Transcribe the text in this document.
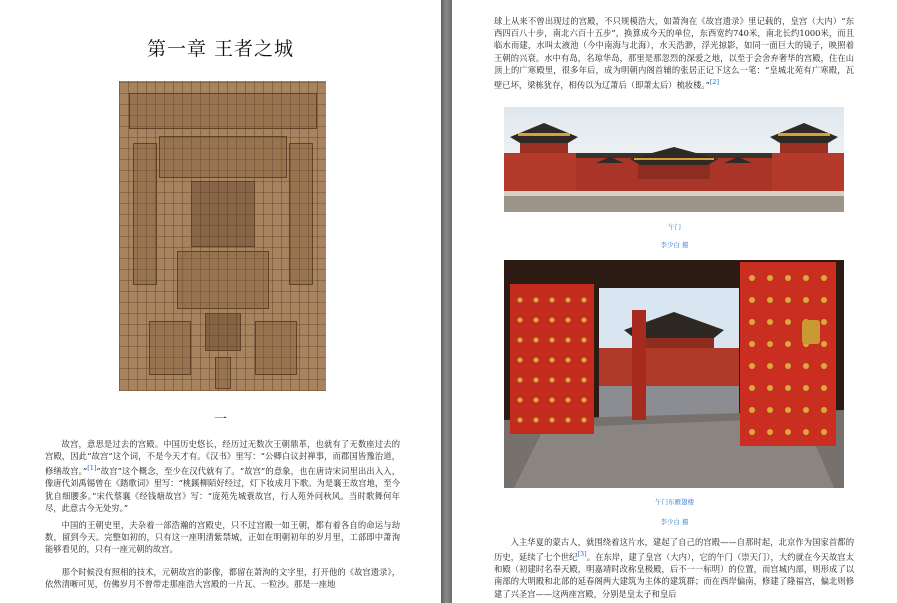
第一章 王者之城
一

故宫，意思是过去的宫殿。中国历史悠长，经历过无数次王朝鼎革，也就有了无数座过去的宫殿，因此“故宫”这个词，不是今天才有。《汉书》里写：“公卿白议封禅事，而郡国皆豫治道，修缮故宫。”[1]“故宫”这个概念，至少在汉代就有了。“故宫”的意象，也在唐诗宋词里出出入入，像唐代刘禹锡曾在《踏歌词》里写：“桃蹊柳陌好经过，灯下妆成月下歌。为是襄王故宫地，至今犹自细腰多。”宋代蔡襄《经钱塘故宫》写：“庞苑先城蓑故宫，行人苑外问秋风。当时歌舞何年尽，此意古今无处穷。”

中国的王朝史里，夫杂着一部浩瀚的宫殿史，只不过宫殿一如王朝，都有着各自的命运与劫数，留到今天。完整如初的，只有这一座明清紫禁城，正如在明朝初年的岁月里，工部即中萧洵能够看见的，只有一座元朝的故宫。

那个时候没有照相的技术，元朝故宫的影像，都留在萧洵的文字里，打开他的《故宫遗录》，依然清晰可见，仿佛岁月不曾带走那座浩大宫殿的一片瓦、一粒沙。那是一座地

球上从来不曾出现过的宫殿，不只规模浩大，如萧洵在《故宫遗录》里记载的，皇宫（大内）“东西四百八十步，南北六百十五步”，换算成今天的单位，东西宽约740米，南北长约1000米，而且临水而建，水叫太液池（今中南海与北海），水天浩渺，浮光掠影，如同一面巨大的镜子，映照着王朝的兴衰。水中有岛，名琼华岛，那里是那忽烈的深爱之地，以至于会舍弃奢华的宫殿，住在山顶上的广寒殿里，很多年后，成为明朝内阁首辅的张居正记下这么一笔：“皇城北苑有广寒殿，瓦壁已坏，梁栋犹存，相传以为辽萧后（即萧太后）梳妆楼。”[2]

午门
李少白 摄
午门东雁翅楼
李少白 摄

入主华夏的蒙古人，就围绕着这片水，建起了自己的宫殿——自那时起，北京作为国家首都的历史，延续了七个世纪[3]。在东岸，建了皇宫（大内），它的午门（崇天门），大约就在今天故宫太和殿（初建时名奉天殿，明嘉靖时改称皇极殿，后不一一标明）的位置，而宫城内部，则形成了以南部的大明殿和北部的延春阁两大建筑为主体的建筑群；而在西岸偏南，修建了隆福宫，偏北则修建了兴圣宫——这两座宫殿，分别是皇太子和皇后
